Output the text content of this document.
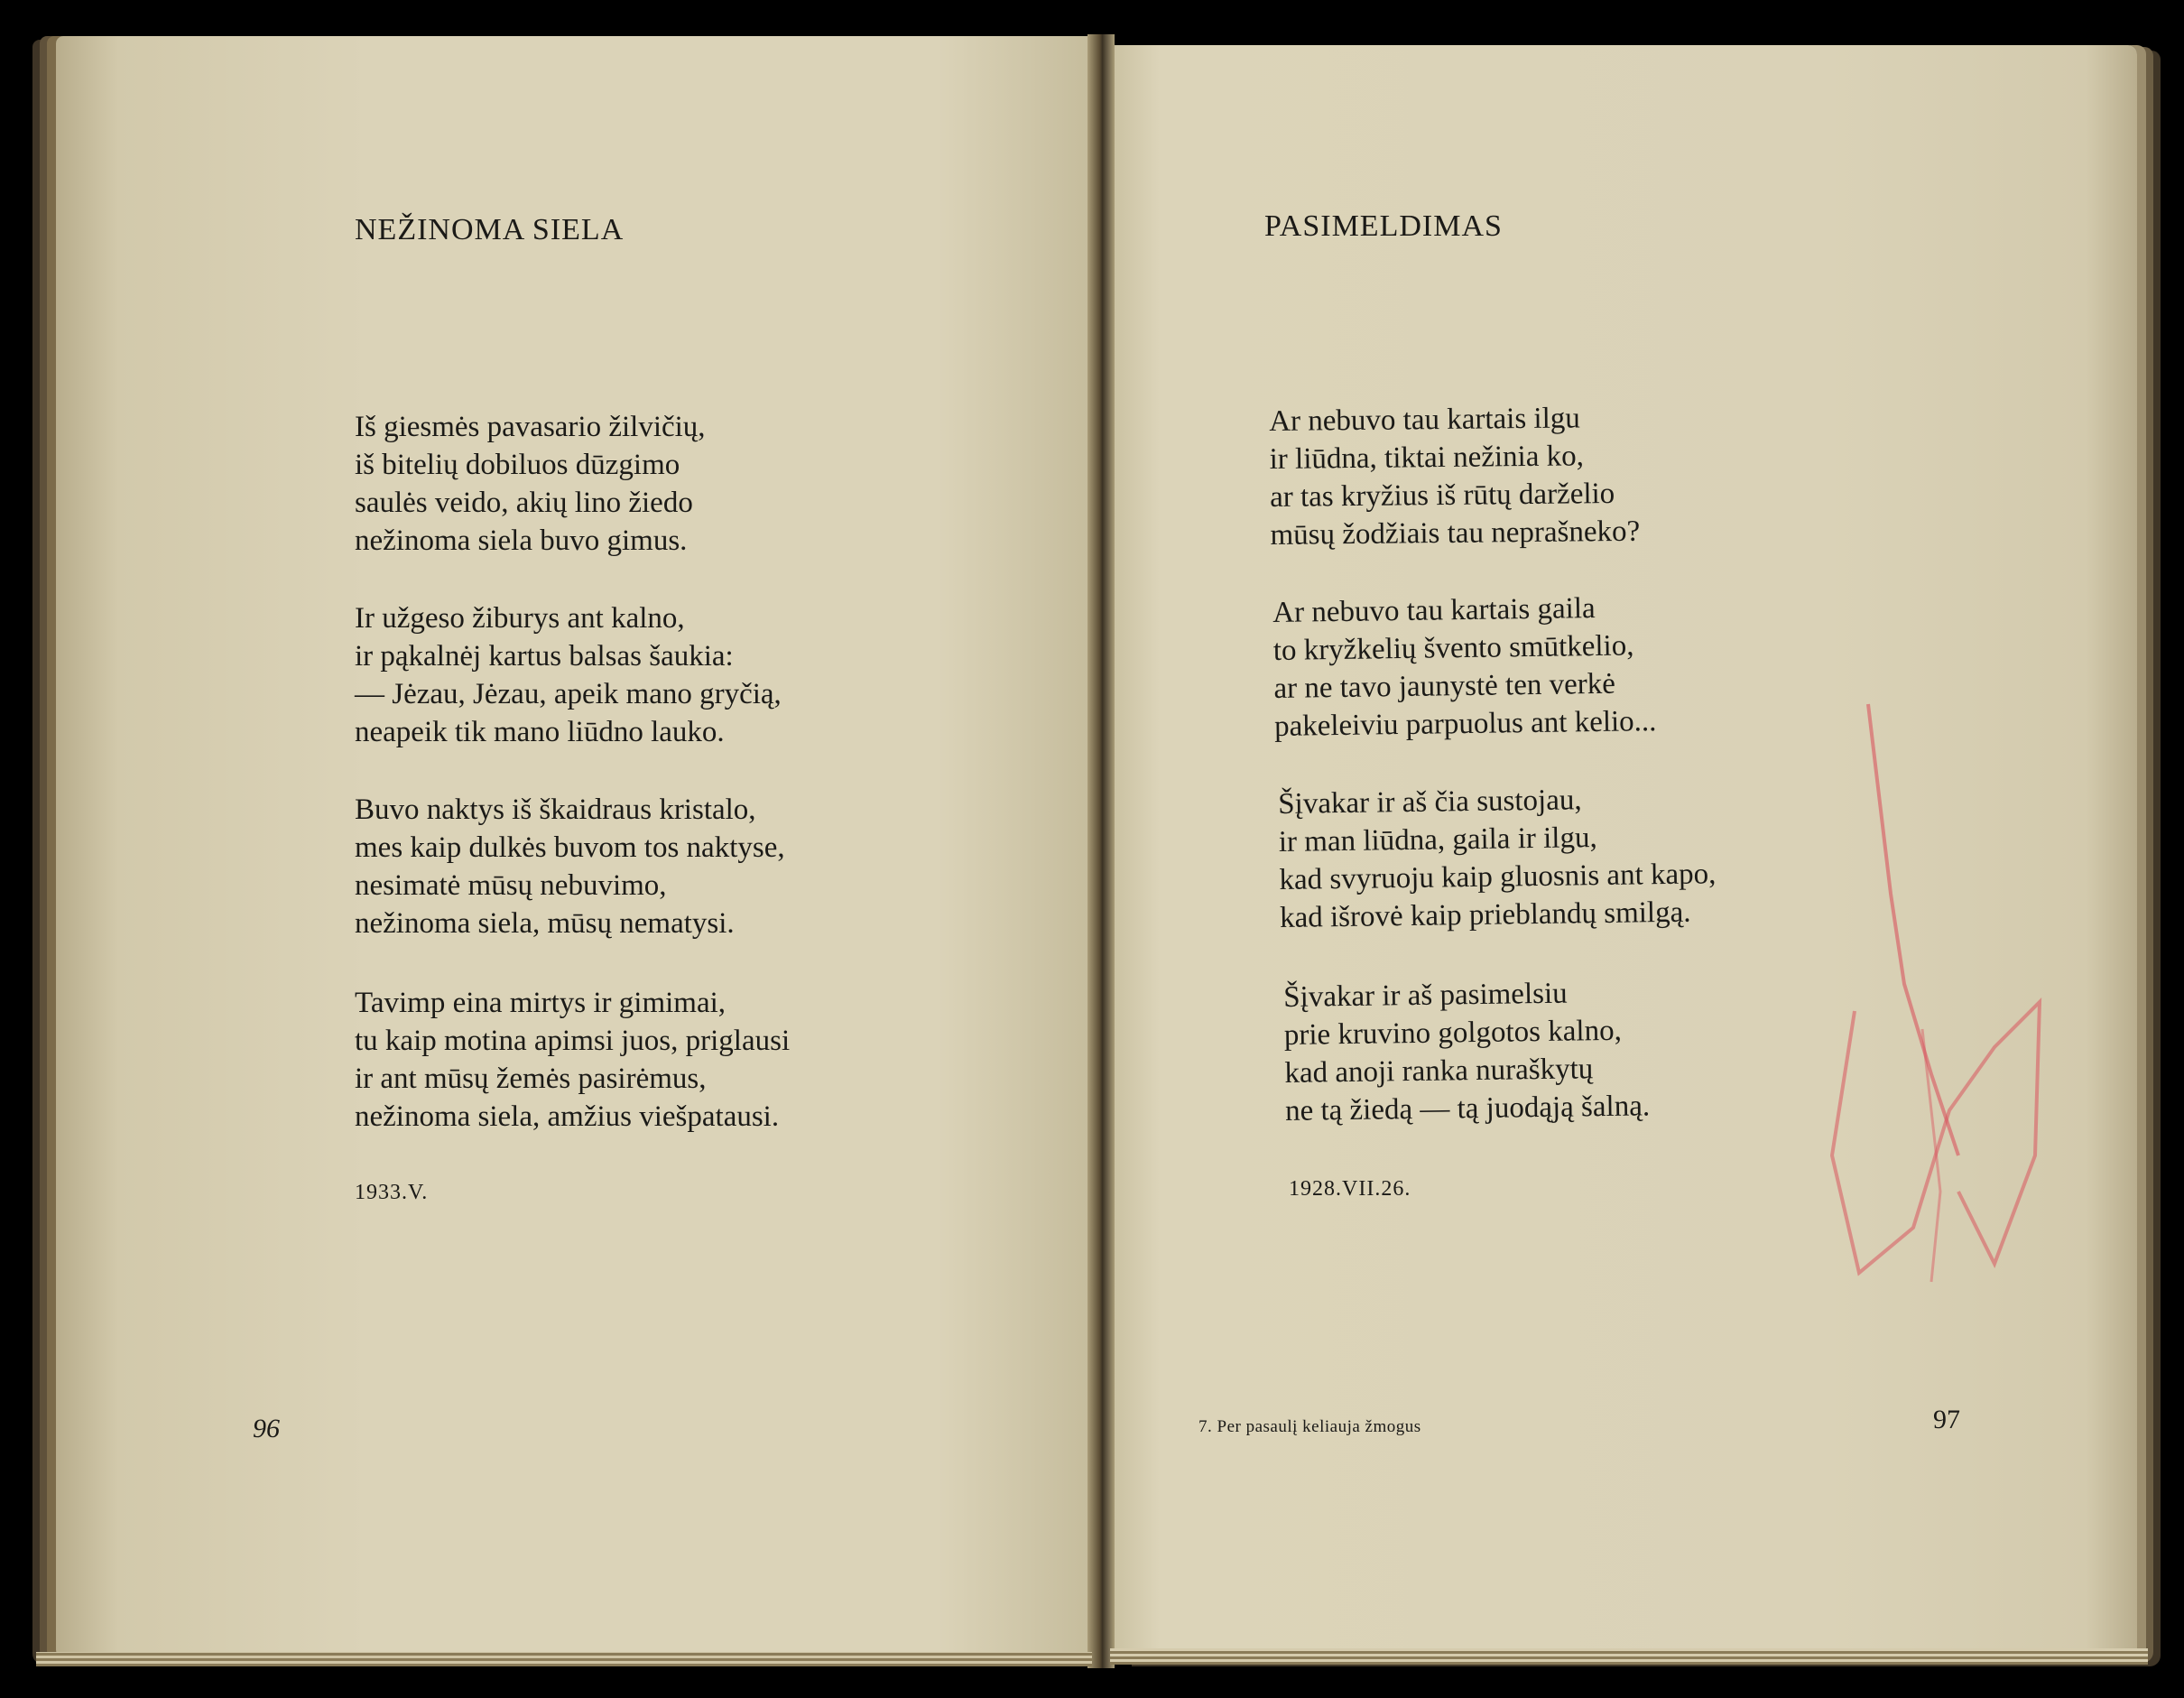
NEŽINOMA SIELA
Iš giesmės pavasario žilvičių,
iš bitelių dobiluos dūzgimo
saulės veido, akių lino žiedo
nežinoma siela buvo gimus.
Ir užgeso žiburys ant kalno,
ir pąkalnėj kartus balsas šaukia:
— Jėzau, Jėzau, apeik mano gryčią,
neapeik tik mano liūdno lauko.
Buvo naktys iš škaidraus kristalo,
mes kaip dulkės buvom tos naktyse,
nesimatė mūsų nebuvimo,
nežinoma siela, mūsų nematysi.
Tavimp eina mirtys ir gimimai,
tu kaip motina apimsi juos, priglausi
ir ant mūsų žemės pasirėmus,
nežinoma siela, amžius viešpatausi.
1933.V.
96
PASIMELDIMAS
Ar nebuvo tau kartais ilgu
ir liūdna, tiktai nežinia ko,
ar tas kryžius iš rūtų darželio
mūsų žodžiais tau neprašneko?
Ar nebuvo tau kartais gaila
to kryžkelių švento smūtkelio,
ar ne tavo jaunystė ten verkė
pakeleiviu parpuolus ant kelio...
Šįvakar ir aš čia sustojau,
ir man liūdna, gaila ir ilgu,
kad svyruoju kaip gluosnis ant kapo,
kad išrovė kaip prieblandų smilgą.
Šįvakar ir aš pasimelsiu
prie kruvino golgotos kalno,
kad anoji ranka nuraškytų
ne tą žiedą — tą juodąją šalną.
1928.VII.26.
7. Per pasaulį keliauja žmogus	97
